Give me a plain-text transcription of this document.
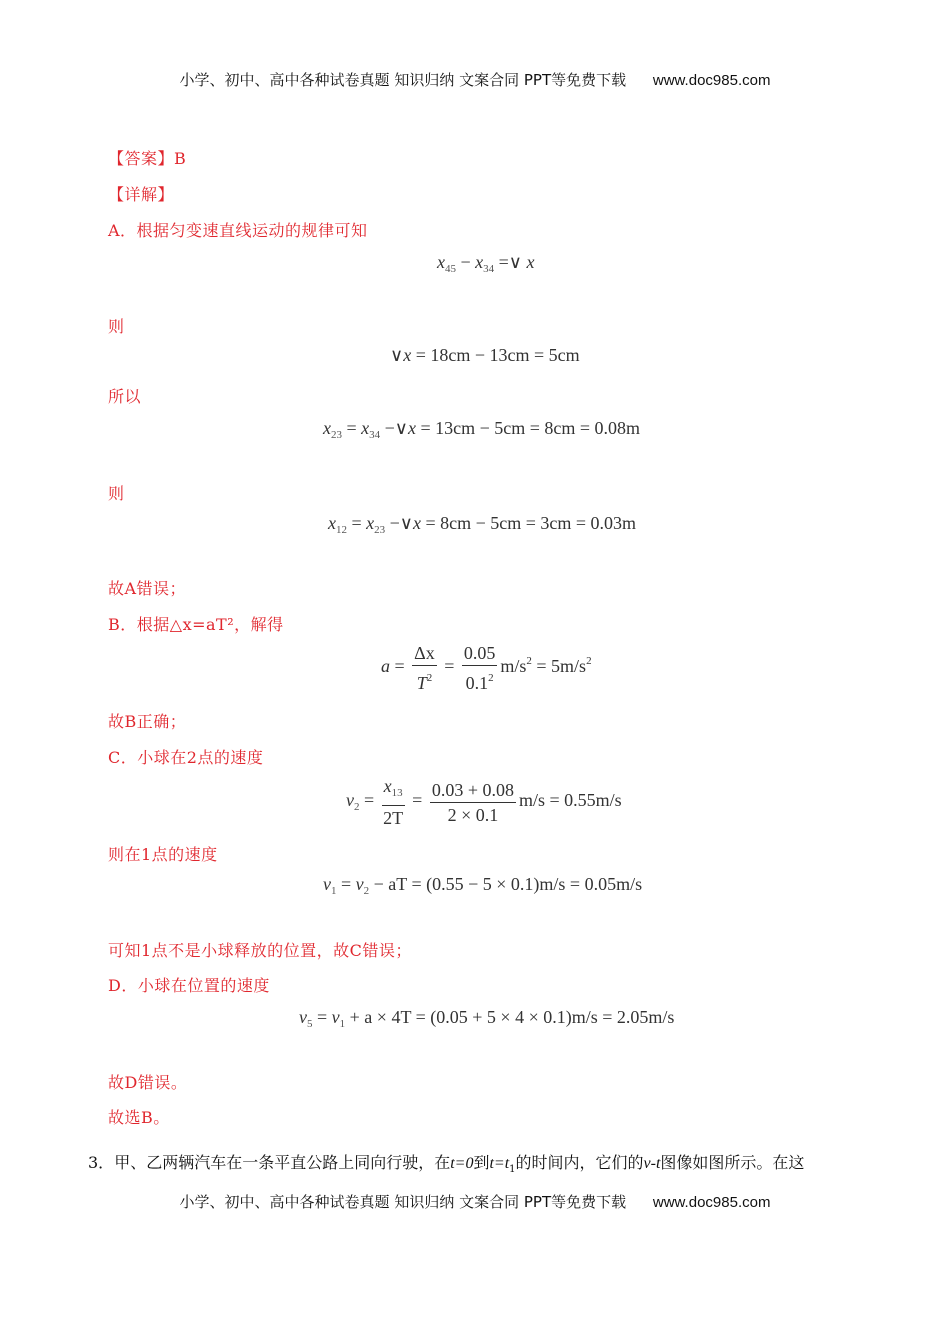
小学、初中、高中各种试卷真题 知识归纳 文案合同 PPT等免费下载 www.doc985.com
【答案】B
【详解】
A．根据匀变速直线运动的规律可知
$x_{45} - x_{34}$ =∨ x
则
∨x = 18cm − 13cm = 5cm
所以
$x_{23} = x_{34}$ −∨x = 13cm − 5cm = 8cm = 0.08m
则
$x_{12} = x_{23}$ −∨x = 8cm − 5cm = 3cm = 0.03m
故A错误；
B．根据△x=aT²，解得
$a = \frac{\Delta x}{T^2} = \frac{0.05}{0.1^2} m/s^2 = 5m/s^2$
故B正确；
C．小球在2点的速度
$v_2 = \frac{x_{13}}{2T} = \frac{0.03 + 0.08}{2 \times 0.1} m/s = 0.55m/s$
则在1点的速度
$v_1 = v_2$ − aT = (0.55 − 5 × 0.1)m/s = 0.05m/s
可知1点不是小球释放的位置，故C错误；
D．小球在位置的速度
$v_5 = v_1 + a \times 4T = (0.05 + 5 \times 4 \times 0.1)m/s = 2.05m/s$
故D错误。
故选B。
3．甲、乙两辆汽车在一条平直公路上同向行驶，在t=0到$t=t_1$的时间内，它们的v-t图像如图所示。在这
小学、初中、高中各种试卷真题 知识归纳 文案合同 PPT等免费下载 www.doc985.com
